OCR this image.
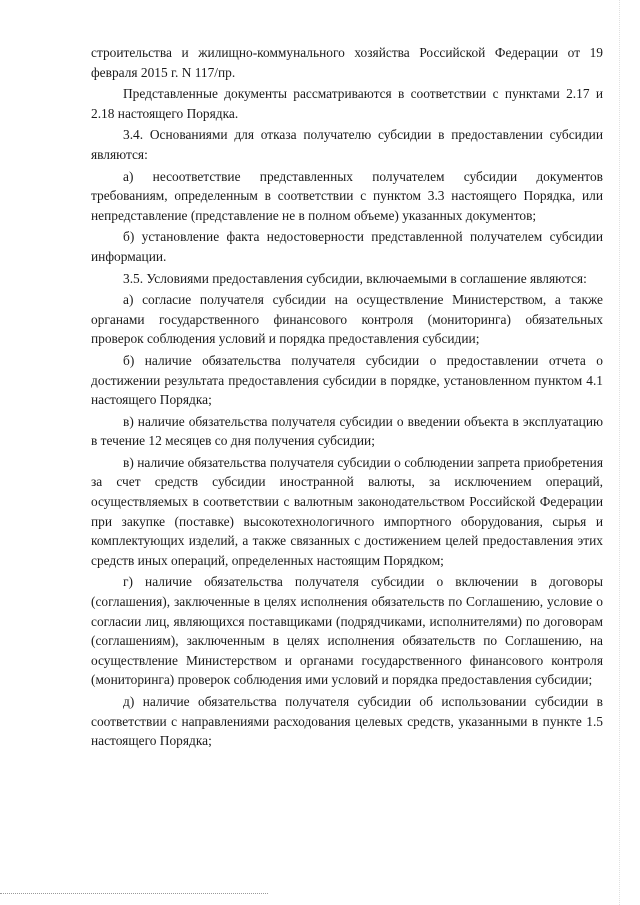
строительства и жилищно-коммунального хозяйства Российской Федерации от 19 февраля 2015 г. N 117/пр.

Представленные документы рассматриваются в соответствии с пунктами 2.17 и 2.18 настоящего Порядка.

3.4. Основаниями для отказа получателю субсидии в предоставлении субсидии являются:

а) несоответствие представленных получателем субсидии документов требованиям, определенным в соответствии с пунктом 3.3 настоящего Порядка, или непредставление (представление не в полном объеме) указанных документов;

б) установление факта недостоверности представленной получателем субсидии информации.

3.5. Условиями предоставления субсидии, включаемыми в соглашение являются:

а) согласие получателя субсидии на осуществление Министерством, а также органами государственного финансового контроля (мониторинга) обязательных проверок соблюдения условий и порядка предоставления субсидии;

б) наличие обязательства получателя субсидии о предоставлении отчета о достижении результата предоставления субсидии в порядке, установленном пунктом 4.1 настоящего Порядка;

в) наличие обязательства получателя субсидии о введении объекта в эксплуатацию в течение 12 месяцев со дня получения субсидии;

в) наличие обязательства получателя субсидии о соблюдении запрета приобретения за счет средств субсидии иностранной валюты, за исключением операций, осуществляемых в соответствии с валютным законодательством Российской Федерации при закупке (поставке) высокотехнологичного импортного оборудования, сырья и комплектующих изделий, а также связанных с достижением целей предоставления этих средств иных операций, определенных настоящим Порядком;

г) наличие обязательства получателя субсидии о включении в договоры (соглашения), заключенные в целях исполнения обязательств по Соглашению, условие о согласии лиц, являющихся поставщиками (подрядчиками, исполнителями) по договорам (соглашениям), заключенным в целях исполнения обязательств по Соглашению, на осуществление Министерством и органами государственного финансового контроля (мониторинга) проверок соблюдения ими условий и порядка предоставления субсидии;

д) наличие обязательства получателя субсидии об использовании субсидии в соответствии с направлениями расходования целевых средств, указанными в пункте 1.5 настоящего Порядка;
